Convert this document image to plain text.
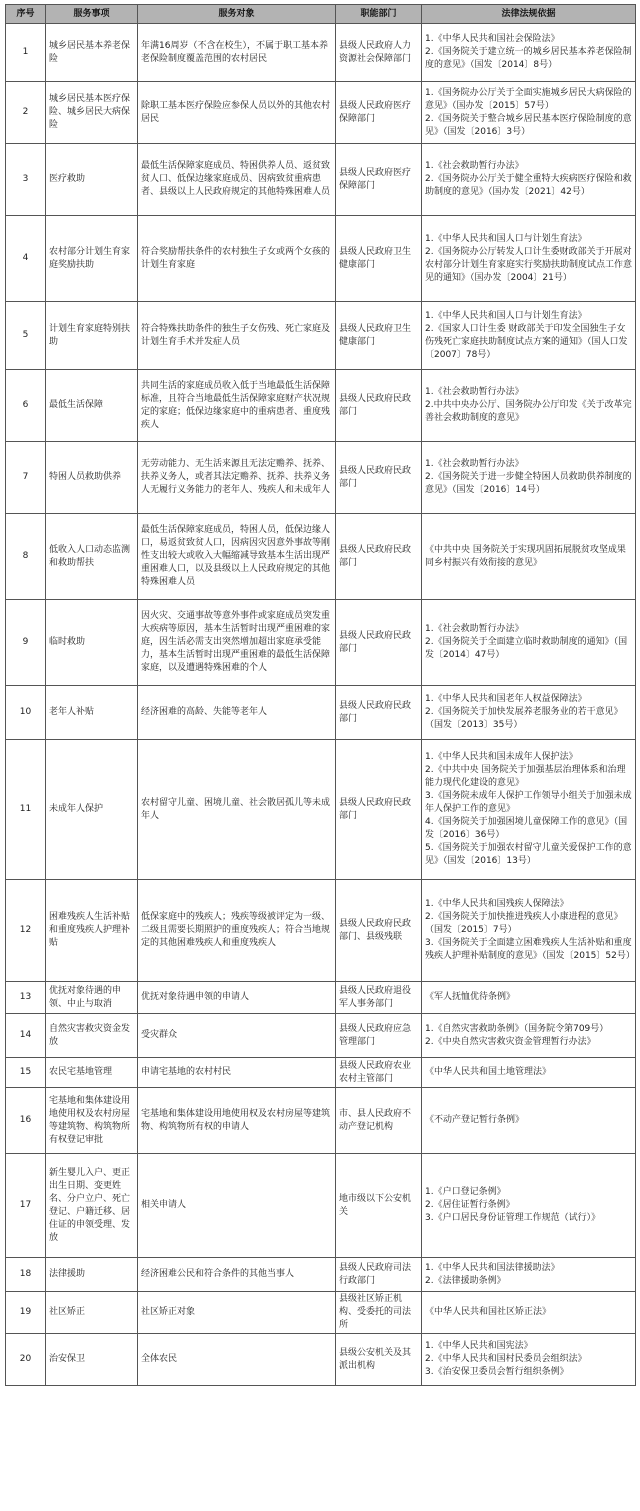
序号	服务事项	服务对象	职能部门	法律法规依据
1	城乡居民基本养老保险	年满16周岁（不含在校生），不属于职工基本养老保险制度覆盖范围的农村居民	县级人民政府人力资源社会保障部门	1.《中华人民共和国社会保险法》
2.《国务院关于建立统一的城乡居民基本养老保险制度的意见》（国发〔2014〕8号）

2	城乡居民基本医疗保险、城乡居民大病保险	除职工基本医疗保险应参保人员以外的其他农村居民	县级人民政府医疗保障部门	1.《国务院办公厅关于全面实施城乡居民大病保险的意见》（国办发〔2015〕57号）
2.《国务院关于整合城乡居民基本医疗保险制度的意见》（国发〔2016〕3号）

3	医疗救助	最低生活保障家庭成员、特困供养人员、返贫致贫人口、低保边缘家庭成员、因病致贫重病患者、县级以上人民政府规定的其他特殊困难人员	县级人民政府医疗保障部门	1.《社会救助暂行办法》
2.《国务院办公厅关于健全重特大疾病医疗保险和救助制度的意见》（国办发〔2021〕42号）

4	农村部分计划生育家庭奖励扶助	符合奖励帮扶条件的农村独生子女或两个女孩的计划生育家庭	县级人民政府卫生健康部门	1.《中华人民共和国人口与计划生育法》
2.《国务院办公厅转发人口计生委财政部关于开展对农村部分计划生育家庭实行奖励扶助制度试点工作意见的通知》（国办发〔2004〕21号）

5	计划生育家庭特别扶助	符合特殊扶助条件的独生子女伤残、死亡家庭及计划生育手术并发症人员	县级人民政府卫生健康部门	1.《中华人民共和国人口与计划生育法》
2.《国家人口计生委 财政部关于印发全国独生子女伤残死亡家庭扶助制度试点方案的通知》（国人口发〔2007〕78号）

6	最低生活保障	共同生活的家庭成员收入低于当地最低生活保障标准，且符合当地最低生活保障家庭财产状况规定的家庭；低保边缘家庭中的重病患者、重度残疾人	县级人民政府民政部门	1.《社会救助暂行办法》
2.中共中央办公厅、国务院办公厅印发《关于改革完善社会救助制度的意见》

7	特困人员救助供养	无劳动能力、无生活来源且无法定赡养、抚养、扶养义务人，或者其法定赡养、抚养、扶养义务人无履行义务能力的老年人、残疾人和未成年人	县级人民政府民政部门	1.《社会救助暂行办法》
2.《国务院关于进一步健全特困人员救助供养制度的意见》（国发〔2016〕14号）

8	低收入人口动态监测和救助帮扶	最低生活保障家庭成员，特困人员，低保边缘人口，易返贫致贫人口，因病因灾因意外事故等刚性支出较大或收入大幅缩减导致基本生活出现严重困难人口，以及县级以上人民政府规定的其他特殊困难人员	县级人民政府民政部门	《中共中央 国务院关于实现巩固拓展脱贫攻坚成果同乡村振兴有效衔接的意见》

9	临时救助	因火灾、交通事故等意外事件或家庭成员突发重大疾病等原因，基本生活暂时出现严重困难的家庭，因生活必需支出突然增加超出家庭承受能力，基本生活暂时出现严重困难的最低生活保障家庭，以及遭遇特殊困难的个人	县级人民政府民政部门	1.《社会救助暂行办法》
2.《国务院关于全面建立临时救助制度的通知》（国发〔2014〕47号）

10	老年人补贴	经济困难的高龄、失能等老年人	县级人民政府民政部门	1.《中华人民共和国老年人权益保障法》
2.《国务院关于加快发展养老服务业的若干意见》（国发〔2013〕35号）

11	未成年人保护	农村留守儿童、困境儿童、社会散居孤儿等未成年人	县级人民政府民政部门	1.《中华人民共和国未成年人保护法》
2.《中共中央 国务院关于加强基层治理体系和治理能力现代化建设的意见》
3.《国务院未成年人保护工作领导小组关于加强未成年人保护工作的意见》
4.《国务院关于加强困境儿童保障工作的意见》（国发〔2016〕36号）
5.《国务院关于加强农村留守儿童关爱保护工作的意见》（国发〔2016〕13号）

12	困难残疾人生活补贴和重度残疾人护理补贴	低保家庭中的残疾人；残疾等级被评定为一级、二级且需要长期照护的重度残疾人；符合当地规定的其他困难残疾人和重度残疾人	县级人民政府民政部门、县级残联	1.《中华人民共和国残疾人保障法》
2.《国务院关于加快推进残疾人小康进程的意见》（国发〔2015〕7号）
3.《国务院关于全面建立困难残疾人生活补贴和重度残疾人护理补贴制度的意见》（国发〔2015〕52号）

13	优抚对象待遇的申领、中止与取消	优抚对象待遇申领的申请人	县级人民政府退役军人事务部门	《军人抚恤优待条例》

14	自然灾害救灾资金发放	受灾群众	县级人民政府应急管理部门	1.《自然灾害救助条例》（国务院令第709号）
2.《中央自然灾害救灾资金管理暂行办法》

15	农民宅基地管理	申请宅基地的农村村民	县级人民政府农业农村主管部门	《中华人民共和国土地管理法》

16	宅基地和集体建设用地使用权及农村房屋等建筑物、构筑物所有权登记审批	宅基地和集体建设用地使用权及农村房屋等建筑物、构筑物所有权的申请人	市、县人民政府不动产登记机构	《不动产登记暂行条例》

17	新生婴儿入户、更正出生日期、变更姓名、分户立户、死亡登记、户籍迁移、居住证的申领受理、发放	相关申请人	地市级以下公安机关	1.《户口登记条例》
2.《居住证暂行条例》
3.《户口居民身份证管理工作规范（试行）》

18	法律援助	经济困难公民和符合条件的其他当事人	县级人民政府司法行政部门	1.《中华人民共和国法律援助法》
2.《法律援助条例》

19	社区矫正	社区矫正对象	县级社区矫正机构、受委托的司法所	《中华人民共和国社区矫正法》

20	治安保卫	全体农民	县级公安机关及其派出机构	1.《中华人民共和国宪法》
2.《中华人民共和国村民委员会组织法》
3.《治安保卫委员会暂行组织条例》
